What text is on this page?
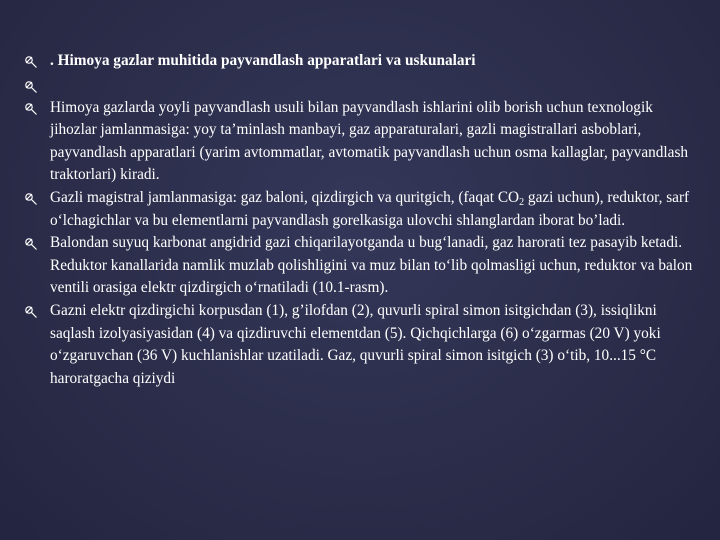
. Himoya gazlar muhitida payvandlash apparatlari va uskunalari
Himoya gazlarda yoyli payvandlash usuli bilan payvandlash ishlarini olib borish uchun texnologik jihozlar jamlanmasiga: yoy ta’minlash manbayi, gaz apparaturalari, gazli magistrallari asboblari, payvandlash apparatlari (yarim avtommatlar, avtomatik payvandlash uchun osma kallaglar, payvandlash traktorlari) kiradi.
Gazli magistral jamlanmasiga: gaz baloni, qizdirgich va quritgich, (faqat $CO_2$ gazi uchun), reduktor, sarf o‘lchagichlar va bu elementlarni payvandlash gorelkasiga ulovchi shlanglardan iborat bo’ladi.
Balondan suyuq karbonat angidrid gazi chiqarilayotganda u bug‘lanadi, gaz harorati tez pasayib ketadi. Reduktor kanallarida namlik muzlab qolishligini va muz bilan to‘lib qolmasligi uchun, reduktor va balon ventili orasiga elektr qizdirgich o‘rnatiladi (10.1-rasm).
Gazni elektr qizdirgichi korpusdan (1), g’ilofdan (2), quvurli spiral simon isitgichdan (3), issiqlikni saqlash izolyasiyasidan (4) va qizdiruvchi elementdan (5). Qichqichlarga (6) o‘zgarmas (20 V) yoki o‘zgaruvchan (36 V) kuchlanishlar uzatiladi. Gaz, quvurli spiral simon isitgich (3) o‘tib, 10...15 °C haroratgacha qiziydi
